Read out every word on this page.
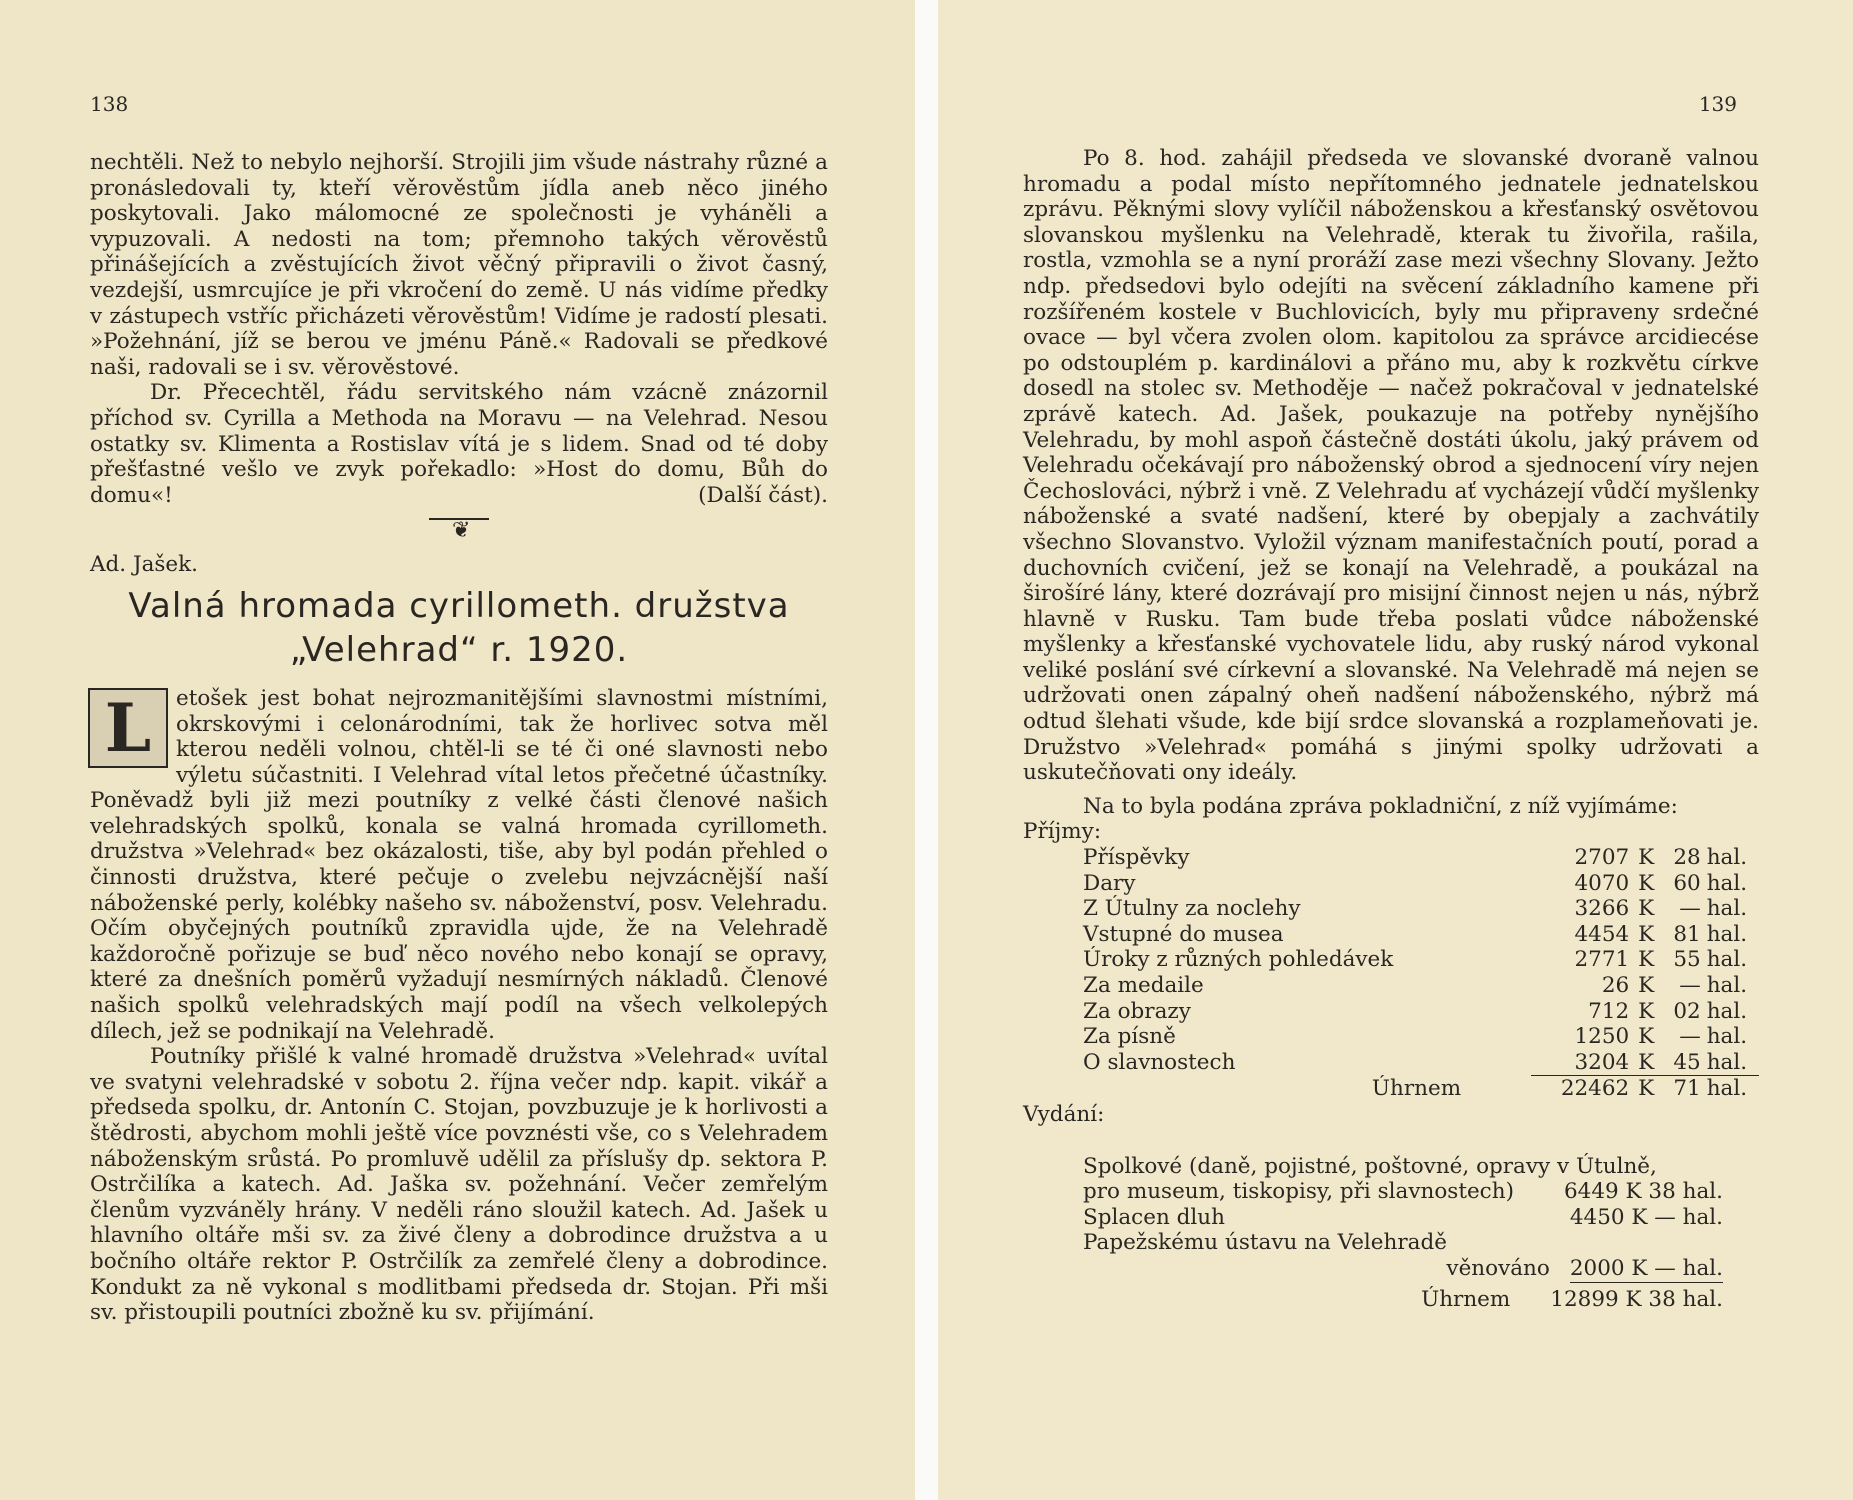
138

nechtěli. Než to nebylo nejhorší. Strojili jim všude nástrahy různé a pronásledovali ty, kteří věrověstům jídla aneb něco jiného poskytovali. Jako málomocné ze společnosti je vyháněli a vypuzovali. A nedosti na tom; přemnoho takých věrověstů přinášejících a zvěstujících život věčný připravili o život časný, vezdejší, usmrcujíce je při vkročení do země. U nás vidíme předky v zástupech vstříc přicházeti věrověstům! Vidíme je radostí plesati. »Požehnání, jíž se berou ve jménu Páně.« Radovali se předkové naši, radovali se i sv. věrověstové.

Dr. Přecechtěl, řádu servitského nám vzácně znázornil příchod sv. Cyrilla a Methoda na Moravu — na Velehrad. Nesou ostatky sv. Klimenta a Rostislav vítá je s lidem. Snad od té doby přešťastné vešlo ve zvyk pořekadlo: »Host do domu, Bůh do domu«!	(Další část).

❦

Ad. Jašek.

Valná hromada cyrillometh. družstva
„Velehrad“ r. 1920.

L	etošek jest bohat nejrozmanitějšími slavnostmi místními, okrskovými i celonárodními, tak že horlivec sotva měl kterou neděli volnou, chtěl-li se té či oné slavnosti nebo výletu súčastniti. I Velehrad vítal letos přečetné účastníky. Poněvadž byli již mezi poutníky z velké části členové našich velehradských spolků, konala se valná hromada cyrillometh. družstva »Velehrad« bez okázalosti, tiše, aby byl podán přehled o činnosti družstva, které pečuje o zvelebu nejvzácnější naší náboženské perly, kolébky našeho sv. náboženství, posv. Velehradu. Očím obyčejných poutníků zpravidla ujde, že na Velehradě každoročně pořizuje se buď něco nového nebo konají se opravy, které za dnešních poměrů vyžadují nesmírných nákladů. Členové našich spolků velehradských mají podíl na všech velkolepých dílech, jež se podnikají na Velehradě.

Poutníky přišlé k valné hromadě družstva »Velehrad« uvítal ve svatyni velehradské v sobotu 2. října večer ndp. kapit. vikář a předseda spolku, dr. Antonín C. Stojan, povzbuzuje je k horlivosti a štědrosti, abychom mohli ještě více povznésti vše, co s Velehradem náboženským srůstá. Po promluvě udělil za příslušy dp. sektora P. Ostrčilíka a katech. Ad. Jaška sv. požehnání. Večer zemřelým členům vyzváněly hrány. V neděli ráno sloužil katech. Ad. Jašek u hlavního oltáře mši sv. za živé členy a dobrodince družstva a u bočního oltáře rektor P. Ostrčilík za zemřelé členy a dobrodince. Kondukt za ně vykonal s modlitbami předseda dr. Stojan. Při mši sv. přistoupili poutníci zbožně ku sv. přijímání.

139

Po 8. hod. zahájil předseda ve slovanské dvoraně valnou hromadu a podal místo nepřítomného jednatele jednatelskou zprávu. Pěknými slovy vylíčil náboženskou a křesťanský osvětovou slovanskou myšlenku na Velehradě, kterak tu živořila, rašila, rostla, vzmohla se a nyní proráží zase mezi všechny Slovany. Ježto ndp. předsedovi bylo odejíti na svěcení základního kamene při rozšířeném kostele v Buchlovicích, byly mu připraveny srdečné ovace — byl včera zvolen olom. kapitolou za správce arcidiecése po odstouplém p. kardinálovi a přáno mu, aby k rozkvětu církve dosedl na stolec sv. Methoděje — načež pokračoval v jednatelské zprávě katech. Ad. Jašek, poukazuje na potřeby nynějšího Velehradu, by mohl aspoň částečně dostáti úkolu, jaký právem od Velehradu očekávají pro náboženský obrod a sjednocení víry nejen Čechoslováci, nýbrž i vně. Z Velehradu ať vycházejí vůdčí myšlenky náboženské a svaté nadšení, které by obepjaly a zachvátily všechno Slovanstvo. Vyložil význam manifestačních poutí, porad a duchovních cvičení, jež se konají na Velehradě, a poukázal na širošíré lány, které dozrávají pro misijní činnost nejen u nás, nýbrž hlavně v Rusku. Tam bude třeba poslati vůdce náboženské myšlenky a křesťanské vychovatele lidu, aby ruský národ vykonal veliké poslání své církevní a slovanské. Na Velehradě má nejen se udržovati onen zápalný oheň nadšení náboženského, nýbrž má odtud šlehati všude, kde bijí srdce slovanská a rozplameňovati je. Družstvo »Velehrad« pomáhá s jinými spolky udržovati a uskutečňovati ony ideály.

Na to byla podána zpráva pokladniční, z níž vyjímáme:

Příjmy:

Příspěvky	2707	K	28	hal.
Dary	4070	K	60	hal.
Z Útulny za noclehy	3266	K	—	hal.
Vstupné do musea	4454	K	81	hal.
Úroky z různých pohledávek	2771	K	55	hal.
Za medaile	26	K	—	hal.
Za obrazy	712	K	02	hal.
Za písně	1250	K	—	hal.
O slavnostech	3204	K	45	hal.
Úhrnem	22462	K	71	hal.

Vydání:

Spolkové (daně, pojistné, poštovné, opravy v Útulně,
pro museum, tiskopisy, při slavnostech)	6449 K 38 hal.
Splacen dluh	4450 K — hal.
Papežskému ústavu na Velehradě
věnováno 2000 K — hal.
Úhrnem	12899 K 38 hal.
